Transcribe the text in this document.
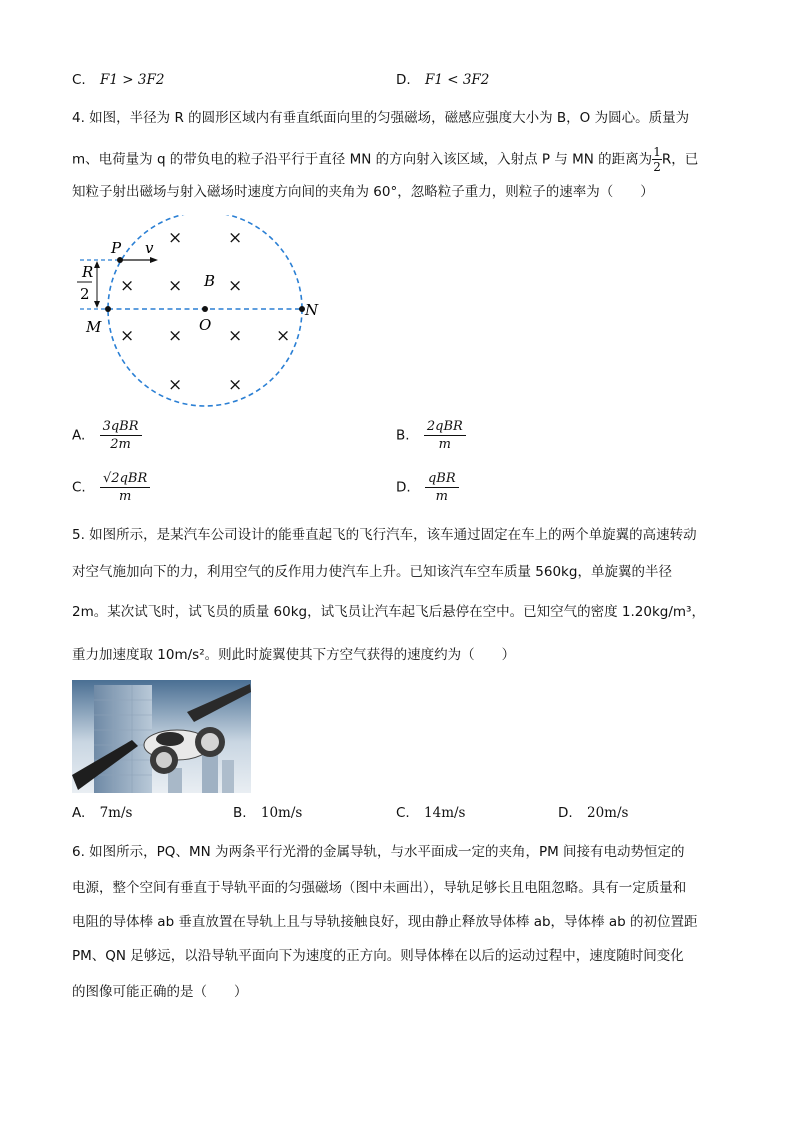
C. F1 > 3F2	D. F1 < 3F2
4. 如图，半径为 R 的圆形区域内有垂直纸面向里的匀强磁场，磁感应强度大小为 B，O 为圆心。质量为
m、电荷量为 q 的带负电的粒子沿平行于直径 MN 的方向射入该区域，入射点 P 与 MN 的距离为 $\frac{1}{2}$ R，已
知粒子射出磁场与射入磁场时速度方向间的夹角为 60°，忽略粒子重力，则粒子的速率为（　　）
R
2
P v
M	O
N
B
×	×
× ×	×
× ×	× ×
×	×
A. $\frac{\text{3qBR}}{2m}$	B. $\frac{\text{2qBR}}{m}$
C. $\frac{\text{√2qBR}}{m}$	D. $\frac{\text{qBR}}{m}$
5. 如图所示，是某汽车公司设计的能垂直起飞的飞行汽车，该车通过固定在车上的两个单旋翼的高速转动
对空气施加向下的力，利用空气的反作用力使汽车上升。已知该汽车空车质量 560kg，单旋翼的半径
2m。某次试飞时，试飞员的质量 60kg，试飞员让汽车起飞后悬停在空中。已知空气的密度 1.20kg/m³，
重力加速度取 10m/s²。则此时旋翼使其下方空气获得的速度约为（　　）
A. 7m/s	B. 10m/s	C. 14m/s	D. 20m/s
6. 如图所示，PQ、MN 为两条平行光滑的金属导轨，与水平面成一定的夹角，PM 间接有电动势恒定的
电源，整个空间有垂直于导轨平面的匀强磁场（图中未画出），导轨足够长且电阻忽略。具有一定质量和
电阻的导体棒 ab 垂直放置在导轨上且与导轨接触良好，现由静止释放导体棒 ab，导体棒 ab 的初位置距
PM、QN 足够远，以沿导轨平面向下为速度的正方向。则导体棒在以后的运动过程中，速度随时间变化
的图像可能正确的是（　　）
